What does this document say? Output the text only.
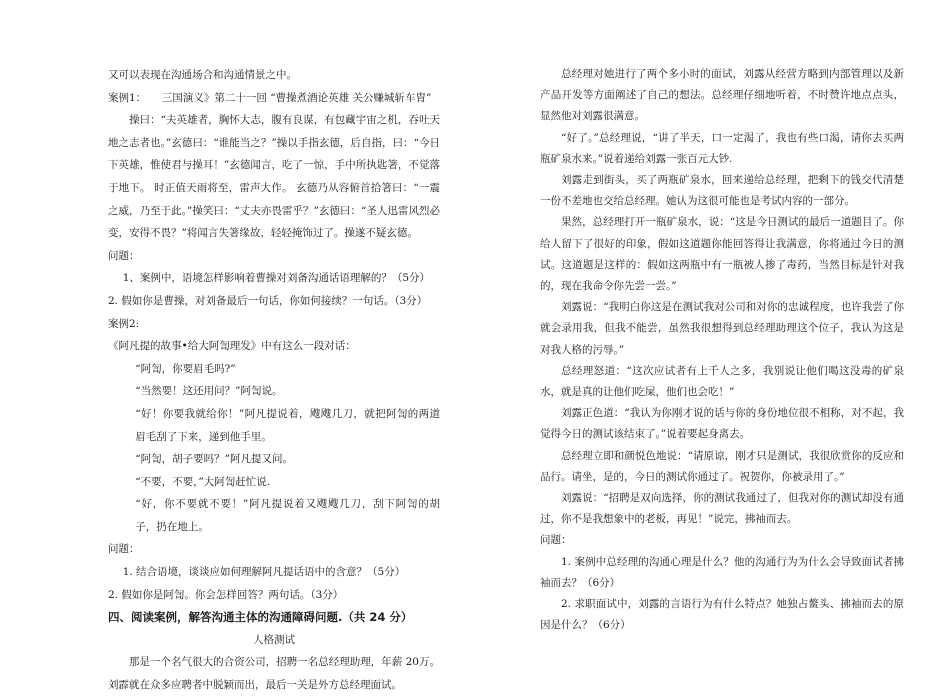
又可以表现在沟通场合和沟通情景之中。

案例1：　　三国演义》第二十一回 “曹操煮酒论英雄 关公赚城斩车胄”

操曰：“夫英雄者，胸怀大志，腹有良谋，有包藏宇宙之机，吞吐天地之志者也。”玄德曰：“谁能当之？”操以手指玄德，后自指，曰：“今日下英雄，惟使君与操耳！”玄德闻言，吃了一惊，手中所执匙箸，不觉落于地下。 时正值天雨将至，雷声大作。 玄德乃从容俯首拾箸曰：“一震之威，乃至于此。”操笑曰：“丈夫亦畏雷乎？”玄德曰：“圣人迅雷风烈必变，安得不畏？”将闻言失箸缘故，轻轻掩饰过了。操遂不疑玄德。

问题：

1、案例中，语境怎样影响着曹操对刘备沟通话语理解的？（5分）

2. 假如你是曹操，对刘备最后一句话，你如何接续？一句话。（3分）

案例2:

《阿凡提的故事•给大阿訇理发》中有这么一段对话：

“阿訇，你要眉毛吗?”

“当然要！这还用问？”阿訇说。

“好！你要我就给你！”阿凡提说着，飕飕几刀，就把阿訇的两道眉毛刮了下来，递到他手里。

“阿訇，胡子要吗？”阿凡提又问。

“不要，不要，”大阿訇赶忙说.

“好，你不要就不要！”阿凡提说着又飕飕几刀，刮下阿訇的胡子，扔在地上。

问题：

1. 结合语境，谈谈应如何理解阿凡提话语中的含意？（5分）

2. 假如你是阿訇。你会怎样回答？两句话。（3分）

四、阅读案例，解答沟通主体的沟通障碍问题.（共 24 分）

人格测试

那是一个名气很大的合资公司，招聘一名总经理助理，年薪 20万。刘霹就在众多应聘者中脱颖而出，最后一关是外方总经理面试。

总经理对她进行了两个多小时的面试，刘露从经营方略到内部管理以及新产品开发等方面阐述了自己的想法。总经理仔细地听着，不时赞许地点点头，显然他对刘露很满意。

“好了。”总经理说，“讲了半天，口一定渴了，我也有些口渴，请你去买两瓶矿泉水来。”说着递给刘露一张百元大钞.

刘露走到街头，买了两瓶矿泉水，回来递给总经理，把剩下的钱交代清楚一份不差地也交给总经理。她认为这很可能也是考试内容的一部分。

果然，总经理打开一瓶矿泉水，说：“这是今日测试的最后一道题目了。你给人留下了很好的印象，假如这道题你能回答得让我满意，你将通过今日的测试。这道题是这样的：假如这两瓶中有一瓶被人掺了毒药，当然目标是针对我的，现在我命令你先尝一尝。”

刘露说：“我明白你这是在测试我对公司和对你的忠诚程度，也许我尝了你就会录用我，但我不能尝，虽然我很想得到总经理助理这个位子，我认为这是对我人格的污辱。”

总经理怒道：“这次应试者有上千人之多，我别说让他们喝这没毒的矿泉水，就是真的让他们吃屎，他们也会吃！”

刘露正色道：“我认为你刚才说的话与你的身份地位很不相称，对不起，我觉得今日的测试该结束了。”说着要起身离去。

总经理立即和颜悦色地说：“请原谅，刚才只是测试，我很欣赏你的反应和品行。请坐，是的，今日的测试你通过了。祝贺你，你被录用了。”

刘露说：“招聘是双向选择，你的测试我通过了，但我对你的测试却没有通过，你不是我想象中的老板，再见！”说完，拂袖而去。

问题：

1. 案例中总经理的沟通心理是什么？他的沟通行为为什么会导致面试者拂袖而去？（6分）

2. 求职面试中，刘露的言语行为有什么特点？她独占鳌头、拂袖而去的原因是什么？（6分）
